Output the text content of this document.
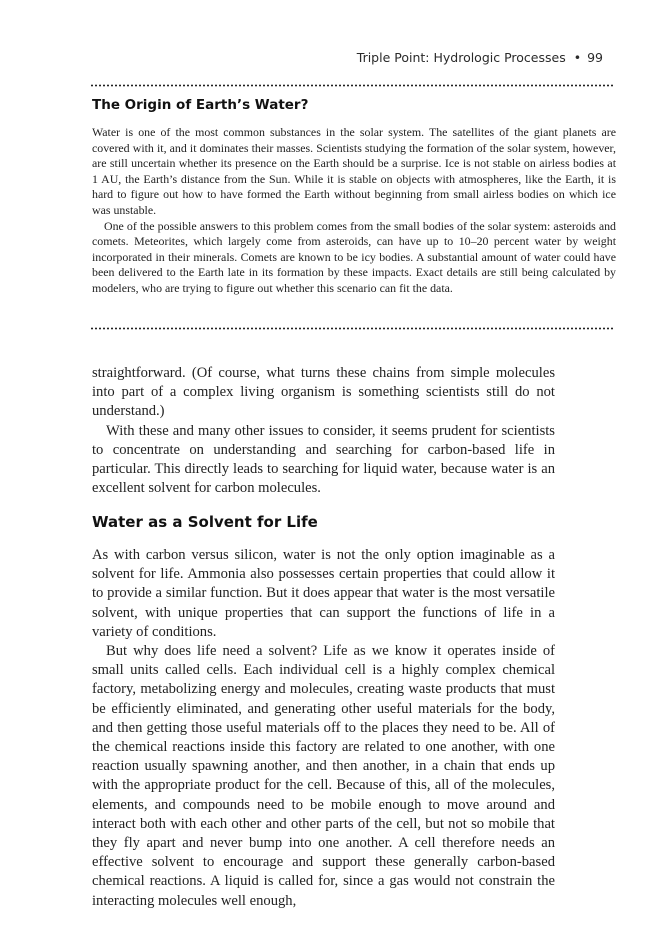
Triple Point: Hydrologic Processes • 99
The Origin of Earth’s Water?

Water is one of the most common substances in the solar system. The satellites of the giant planets are covered with it, and it dominates their masses. Scientists studying the formation of the solar system, however, are still uncertain whether its presence on the Earth should be a surprise. Ice is not stable on airless bodies at 1 AU, the Earth’s distance from the Sun. While it is stable on objects with atmospheres, like the Earth, it is hard to figure out how to have formed the Earth without beginning from small airless bodies on which ice was unstable.

One of the possible answers to this problem comes from the small bodies of the solar system: asteroids and comets. Meteorites, which largely come from asteroids, can have up to 10–20 percent water by weight incorporated in their minerals. Comets are known to be icy bodies. A substantial amount of water could have been delivered to the Earth late in its formation by these impacts. Exact details are still being calculated by modelers, who are trying to figure out whether this scenario can fit the data.

straightforward. (Of course, what turns these chains from simple molecules into part of a complex living organism is something scientists still do not understand.)

With these and many other issues to consider, it seems prudent for scientists to concentrate on understanding and searching for carbon-based life in particular. This directly leads to searching for liquid water, because water is an excellent solvent for carbon molecules.

Water as a Solvent for Life

As with carbon versus silicon, water is not the only option imaginable as a solvent for life. Ammonia also possesses certain properties that could allow it to provide a similar function. But it does appear that water is the most versatile solvent, with unique properties that can support the functions of life in a variety of conditions.

But why does life need a solvent? Life as we know it operates inside of small units called cells. Each individual cell is a highly complex chemical factory, metabolizing energy and molecules, creating waste products that must be efficiently eliminated, and generating other useful materials for the body, and then getting those useful materials off to the places they need to be. All of the chemical reactions inside this factory are related to one another, with one reaction usually spawning another, and then another, in a chain that ends up with the appropriate product for the cell. Because of this, all of the molecules, elements, and compounds need to be mobile enough to move around and interact both with each other and other parts of the cell, but not so mobile that they fly apart and never bump into one another. A cell therefore needs an effective solvent to encourage and support these generally carbon-based chemical reactions. A liquid is called for, since a gas would not constrain the interacting molecules well enough,
